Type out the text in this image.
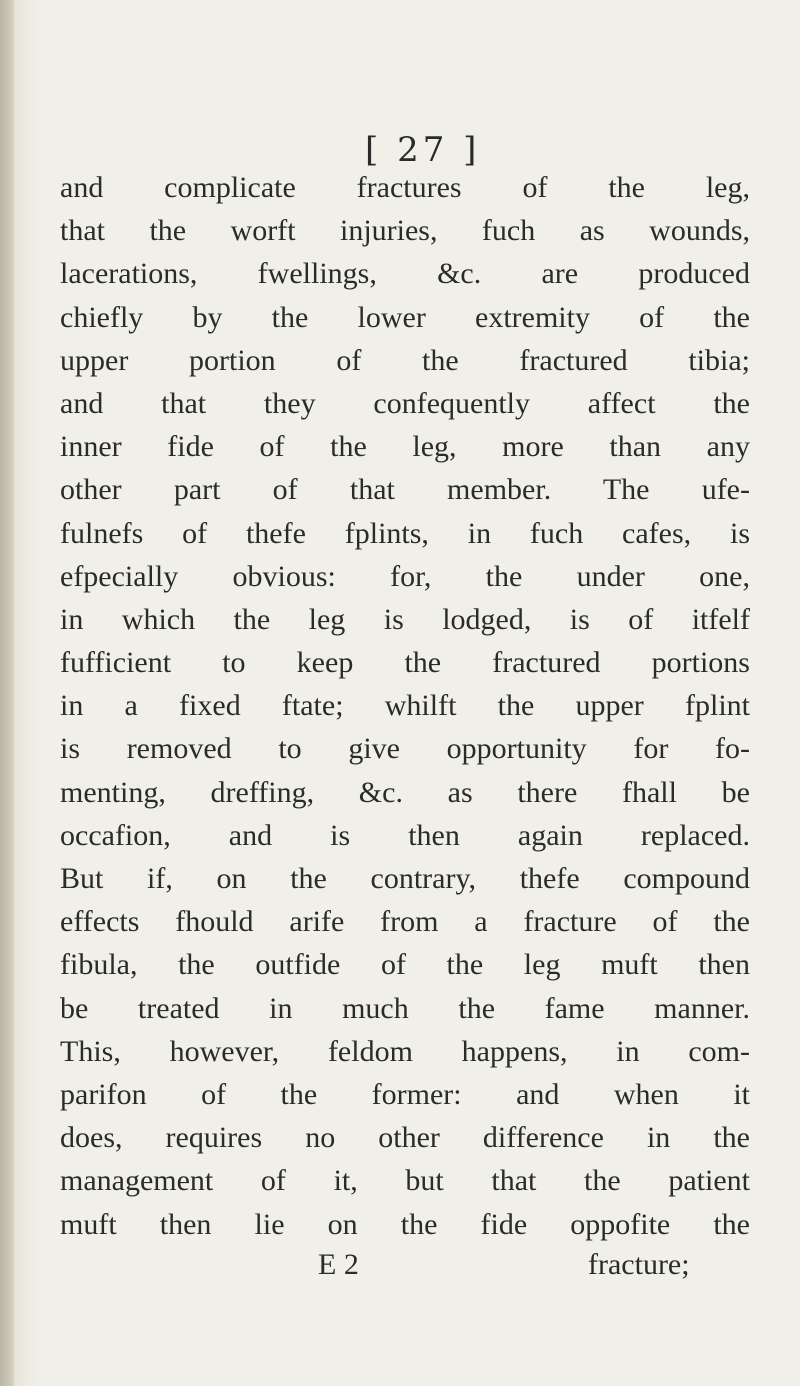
[ 27 ]
and complicate fractures of the leg,
that the worft injuries, fuch as wounds,
lacerations, fwellings, &c. are produced
chiefly by the lower extremity of the
upper portion of the fractured tibia;
and that they confequently affect the
inner fide of the leg, more than any
other part of that member. The ufe-
fulnefs of thefe fplints, in fuch cafes, is
efpecially obvious: for, the under one,
in which the leg is lodged, is of itfelf
fufficient to keep the fractured portions
in a fixed ftate; whilft the upper fplint
is removed to give opportunity for fo-
menting, dreffing, &c. as there fhall be
occafion, and is then again replaced.
But if, on the contrary, thefe compound
effects fhould arife from a fracture of the
fibula, the outfide of the leg muft then
be treated in much the fame manner.
This, however, feldom happens, in com-
parifon of the former: and when it
does, requires no other difference in the
management of it, but that the patient
muft then lie on the fide oppofite the
E 2	fracture;
